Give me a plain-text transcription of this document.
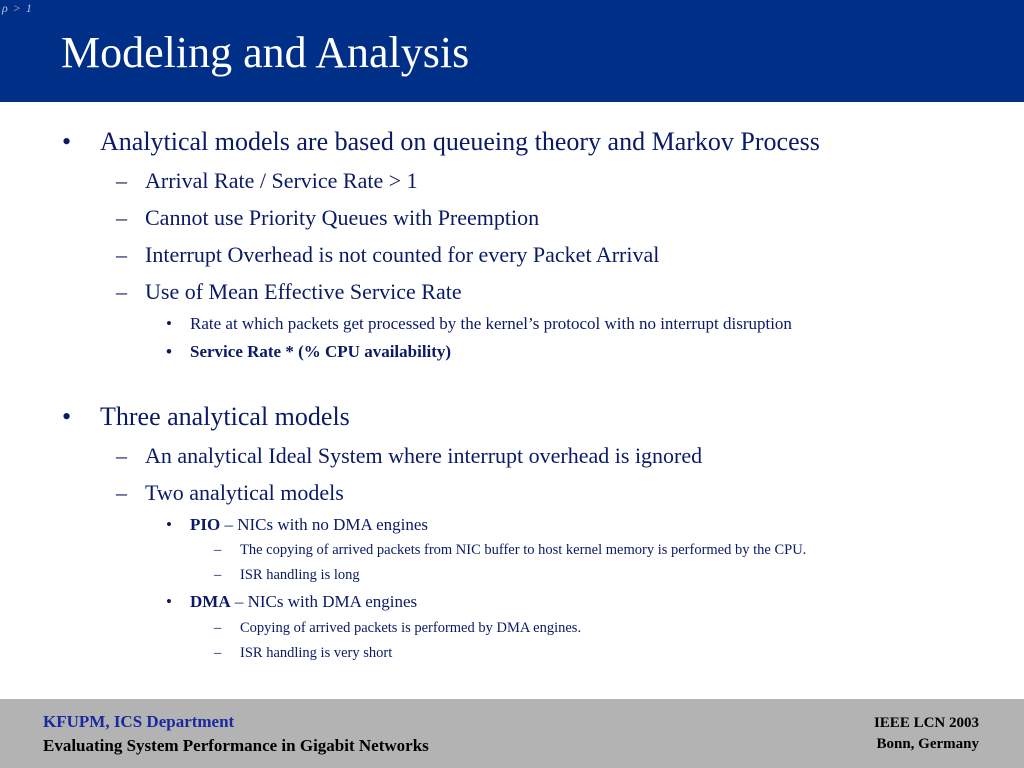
ρ > 1
Modeling and Analysis
• Analytical models are based on queueing theory and Markov Process
– Arrival Rate / Service Rate > 1
– Cannot use Priority Queues with Preemption
– Interrupt Overhead is not counted for every Packet Arrival
– Use of Mean Effective Service Rate
• Rate at which packets get processed by the kernel’s protocol with no interrupt disruption
• Service Rate * (% CPU availability)
• Three analytical models
– An analytical Ideal System where interrupt overhead is ignored
– Two analytical models
• PIO – NICs with no DMA engines
– The copying of arrived packets from NIC buffer to host kernel memory is performed by the CPU.
– ISR handling is long
• DMA – NICs with DMA engines
– Copying of arrived packets is performed by DMA engines.
– ISR handling is very short
KFUPM, ICS Department
Evaluating System Performance in Gigabit Networks
IEEE LCN 2003
Bonn, Germany
